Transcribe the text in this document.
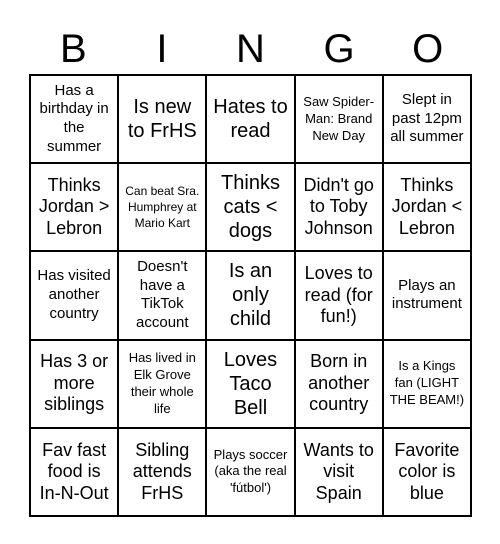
B	I	N	G	O
Has a birthday in the summer
Is new to FrHS
Hates to read
Saw Spider-Man: Brand New Day
Slept in past 12pm all summer
Thinks Jordan > Lebron
Can beat Sra. Humphrey at Mario Kart
Thinks cats < dogs
Didn't go to Toby Johnson
Thinks Jordan < Lebron
Has visited another country
Doesn't have a TikTok account
Is an only child
Loves to read (for fun!)
Plays an instrument
Has 3 or more siblings
Has lived in Elk Grove their whole life
Loves Taco Bell
Born in another country
Is a Kings fan (LIGHT THE BEAM!)
Fav fast food is In-N-Out
Sibling attends FrHS
Plays soccer (aka the real 'fútbol')
Wants to visit Spain
Favorite color is blue
